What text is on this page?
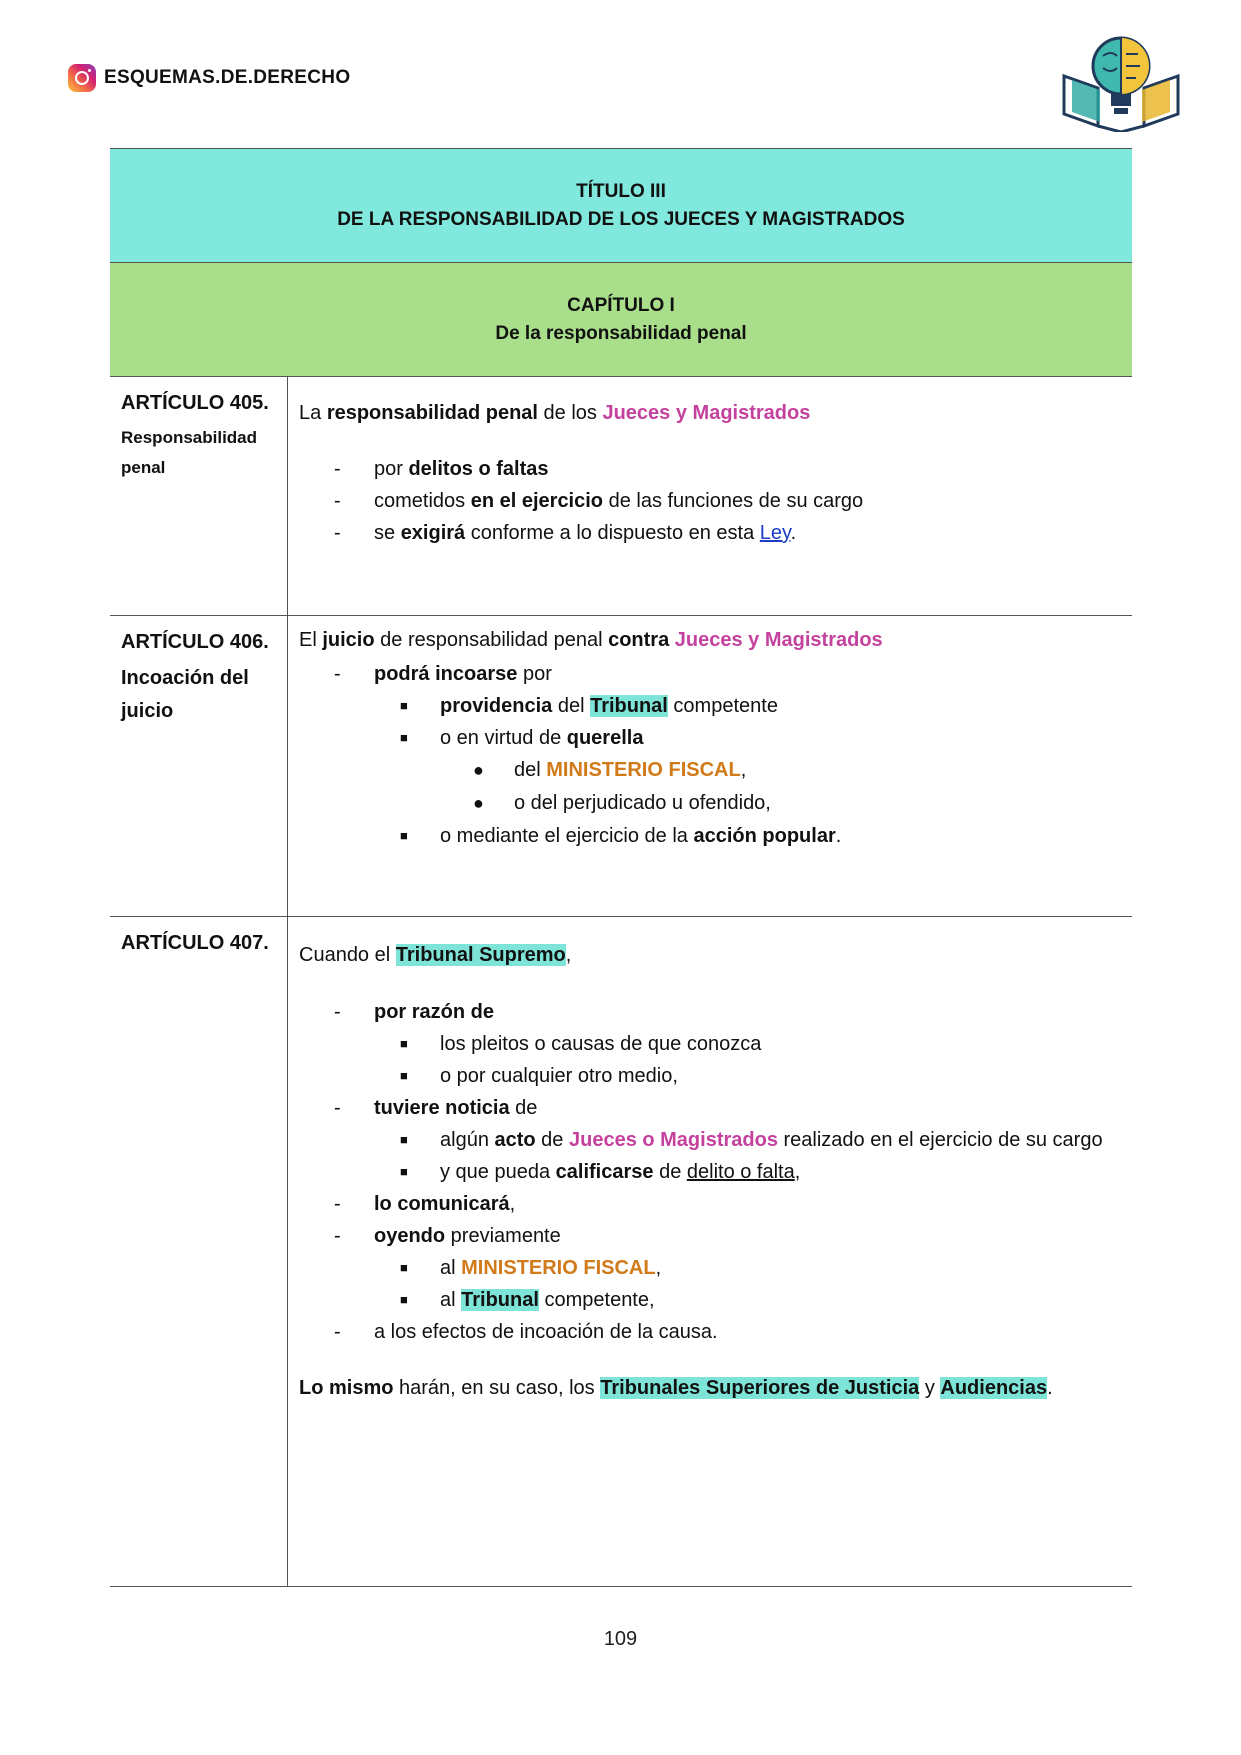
ESQUEMAS.DE.DERECHO
TÍTULO III
DE LA RESPONSABILIDAD DE LOS JUECES Y MAGISTRADOS
CAPÍTULO I
De la responsabilidad penal
ARTÍCULO 405.
Responsabilidad penal
La responsabilidad penal de los Jueces y Magistrados
- por delitos o faltas
- cometidos en el ejercicio de las funciones de su cargo
- se exigirá conforme a lo dispuesto en esta Ley.
ARTÍCULO 406.
Incoación del juicio
El juicio de responsabilidad penal contra Jueces y Magistrados
- podrá incoarse por
■ providencia del Tribunal competente
■ o en virtud de querella
● del MINISTERIO FISCAL,
● o del perjudicado u ofendido,
■ o mediante el ejercicio de la acción popular.
ARTÍCULO 407.
Cuando el Tribunal Supremo,
- por razón de
■ los pleitos o causas de que conozca
■ o por cualquier otro medio,
- tuviere noticia de
■ algún acto de Jueces o Magistrados realizado en el ejercicio de su cargo
■ y que pueda calificarse de delito o falta,
- lo comunicará,
- oyendo previamente
■ al MINISTERIO FISCAL,
■ al Tribunal competente,
- a los efectos de incoación de la causa.
Lo mismo harán, en su caso, los Tribunales Superiores de Justicia y Audiencias.
109
